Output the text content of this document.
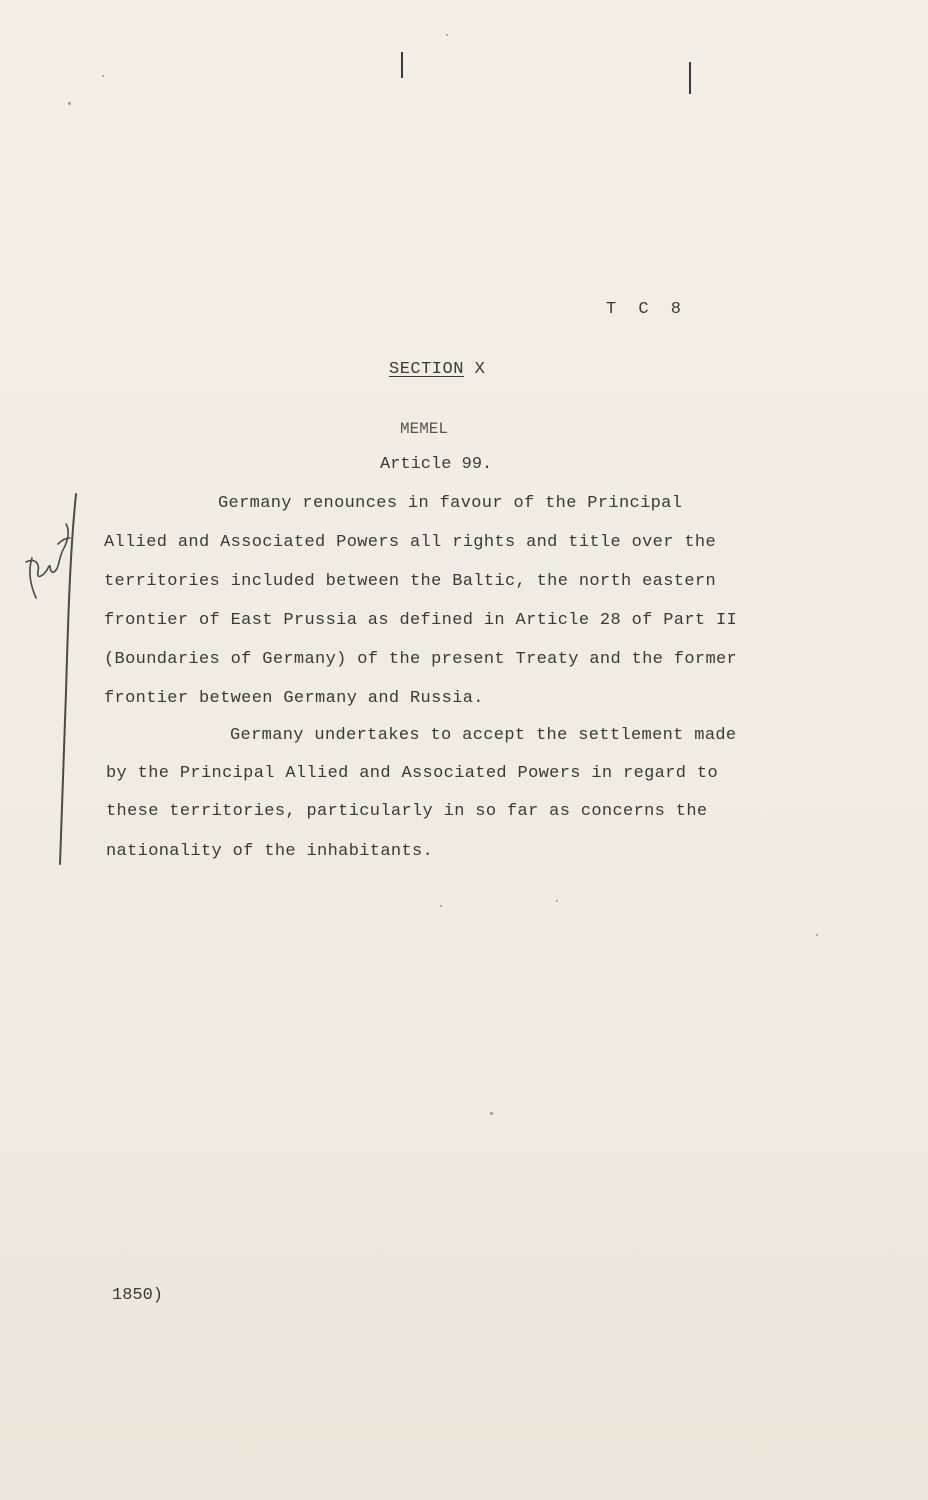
T C 8
SECTION X
MEMEL
Article 99.
Germany renounces in favour of the Principal
Allied and Associated Powers all rights and title over the
territories included between the Baltic, the north eastern
frontier of East Prussia as defined in Article 28 of Part II
(Boundaries of Germany) of the present Treaty and the former
frontier between Germany and Russia.
Germany undertakes to accept the settlement made
by the Principal Allied and Associated Powers in regard to
these territories, particularly in so far as concerns the
nationality of the inhabitants.
1850)
